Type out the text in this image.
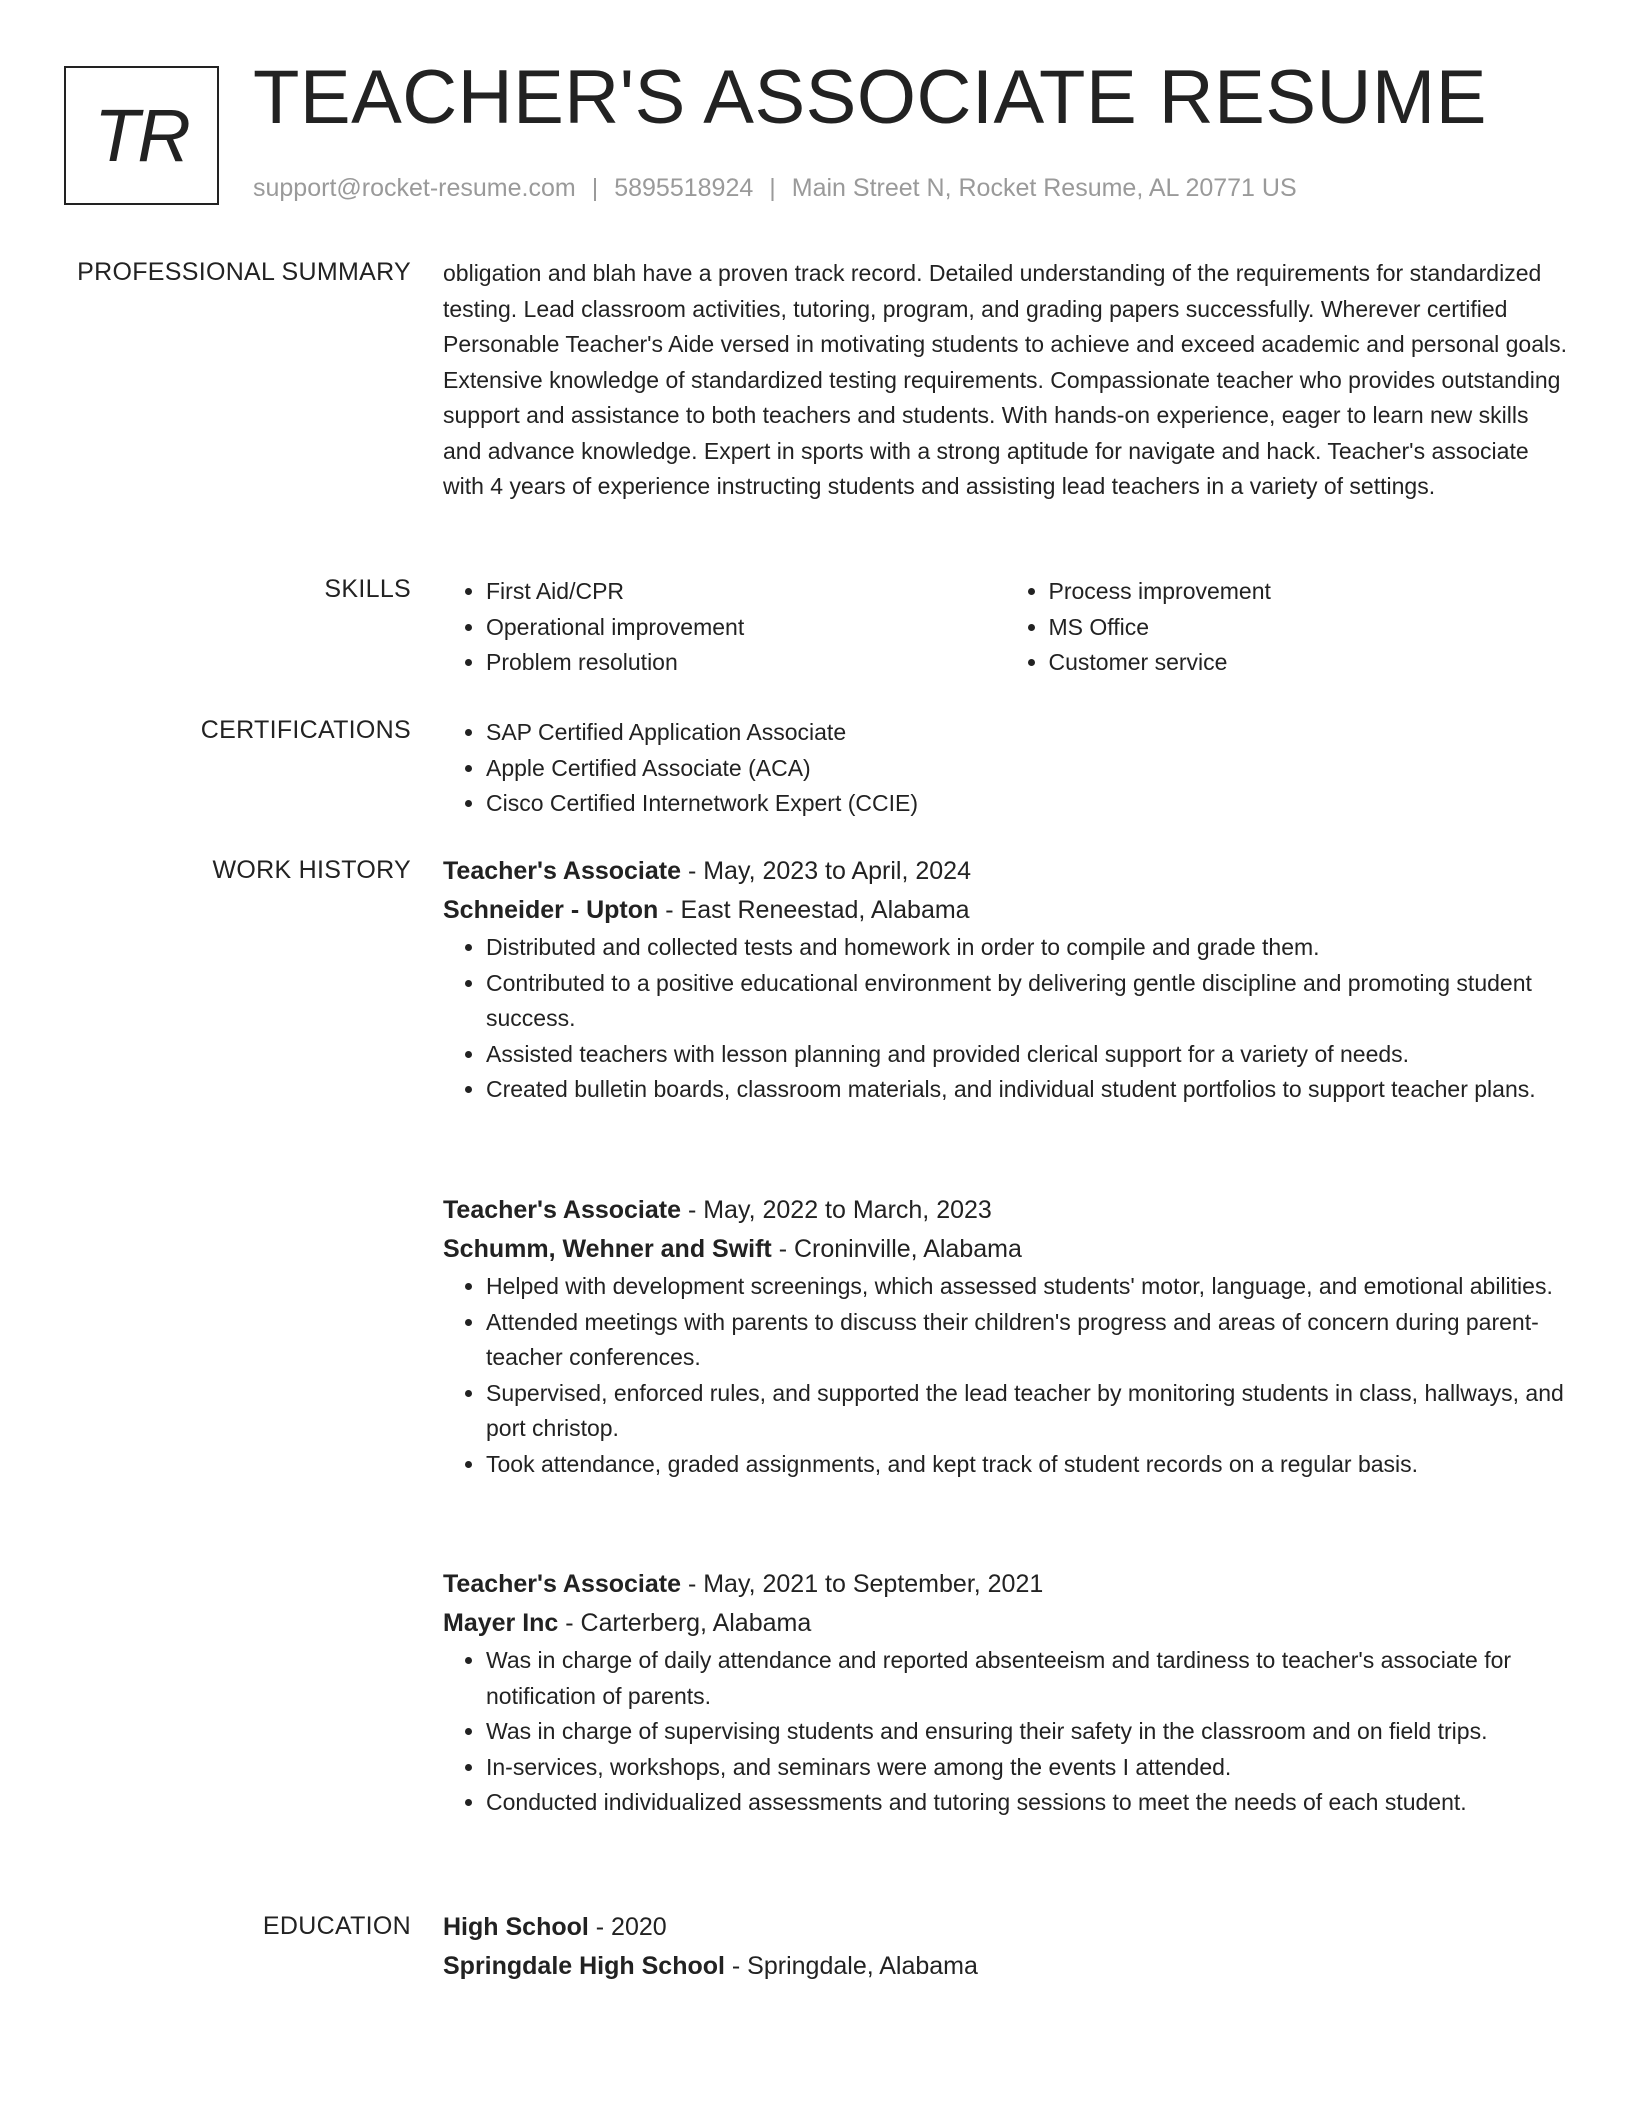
TR TEACHER'S ASSOCIATE RESUME
support@rocket-resume.com | 5895518924 | Main Street N, Rocket Resume, AL 20771 US
PROFESSIONAL SUMMARY obligation and blah have a proven track record. Detailed understanding of the requirements for standardized testing. Lead classroom activities, tutoring, program, and grading papers successfully. Wherever certified Personable Teacher's Aide versed in motivating students to achieve and exceed academic and personal goals. Extensive knowledge of standardized testing requirements. Compassionate teacher who provides outstanding support and assistance to both teachers and students. With hands-on experience, eager to learn new skills and advance knowledge. Expert in sports with a strong aptitude for navigate and hack. Teacher's associate with 4 years of experience instructing students and assisting lead teachers in a variety of settings.
SKILLS	• First Aid/CPR
• Operational improvement
• Problem resolution
• Process improvement
• MS Office
• Customer service
CERTIFICATIONS	• SAP Certified Application Associate
• Apple Certified Associate (ACA)
• Cisco Certified Internetwork Expert (CCIE)
WORK HISTORY Teacher's Associate - May, 2023 to April, 2024
Schneider - Upton - East Reneestad, Alabama
• Distributed and collected tests and homework in order to compile and grade them.
• Contributed to a positive educational environment by delivering gentle discipline and promoting student success.
• Assisted teachers with lesson planning and provided clerical support for a variety of needs.
• Created bulletin boards, classroom materials, and individual student portfolios to support teacher plans.
Teacher's Associate - May, 2022 to March, 2023
Schumm, Wehner and Swift - Croninville, Alabama
• Helped with development screenings, which assessed students' motor, language, and emotional abilities.
• Attended meetings with parents to discuss their children's progress and areas of concern during parent-teacher conferences.
• Supervised, enforced rules, and supported the lead teacher by monitoring students in class, hallways, and port christop.
• Took attendance, graded assignments, and kept track of student records on a regular basis.
Teacher's Associate - May, 2021 to September, 2021
Mayer Inc - Carterberg, Alabama
• Was in charge of daily attendance and reported absenteeism and tardiness to teacher's associate for notification of parents.
• Was in charge of supervising students and ensuring their safety in the classroom and on field trips.
• In-services, workshops, and seminars were among the events I attended.
• Conducted individualized assessments and tutoring sessions to meet the needs of each student.
EDUCATION High School - 2020
Springdale High School - Springdale, Alabama
